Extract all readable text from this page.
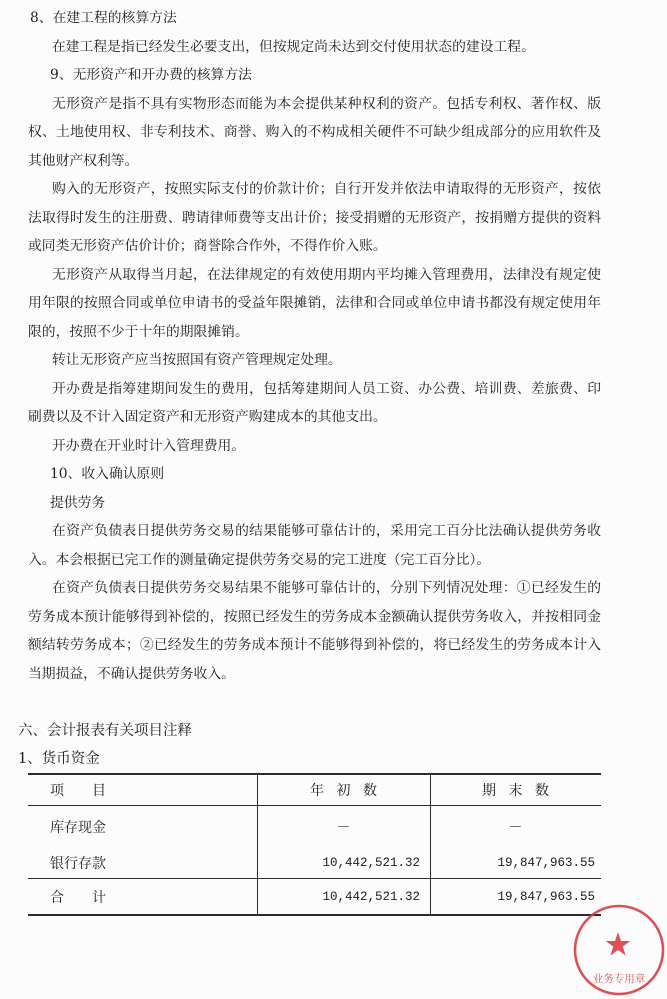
8、在建工程的核算方法
在建工程是指已经发生必要支出，但按规定尚未达到交付使用状态的建设工程。
9、无形资产和开办费的核算方法
无形资产是指不具有实物形态而能为本会提供某种权利的资产。包括专利权、著作权、版
权、土地使用权、非专利技术、商誉、购入的不构成相关硬件不可缺少组成部分的应用软件及
其他财产权利等。
购入的无形资产，按照实际支付的价款计价；自行开发并依法申请取得的无形资产，按依
法取得时发生的注册费、聘请律师费等支出计价；接受捐赠的无形资产，按捐赠方提供的资料
或同类无形资产估价计价；商誉除合作外，不得作价入账。
无形资产从取得当月起，在法律规定的有效使用期内平均摊入管理费用，法律没有规定使
用年限的按照合同或单位申请书的受益年限摊销，法律和合同或单位申请书都没有规定使用年
限的，按照不少于十年的期限摊销。
转让无形资产应当按照国有资产管理规定处理。
开办费是指筹建期间发生的费用，包括筹建期间人员工资、办公费、培训费、差旅费、印
刷费以及不计入固定资产和无形资产购建成本的其他支出。
开办费在开业时计入管理费用。
10、收入确认原则
提供劳务
在资产负债表日提供劳务交易的结果能够可靠估计的，采用完工百分比法确认提供劳务收
入。本会根据已完工作的测量确定提供劳务交易的完工进度（完工百分比）。
在资产负债表日提供劳务交易结果不能够可靠估计的，分别下列情况处理：①已经发生的
劳务成本预计能够得到补偿的，按照已经发生的劳务成本金额确认提供劳务收入，并按相同金
额结转劳务成本；②已经发生的劳务成本预计不能够得到补偿的，将已经发生的劳务成本计入
当期损益，不确认提供劳务收入。
六、会计报表有关项目注释
1、货币资金
项　　目	年 初 数	期 末 数
库存现金	－	－
银行存款	10,442,521.32	19,847,963.55
合　　计	10,442,521.32	19,847,963.55
业务专用章
